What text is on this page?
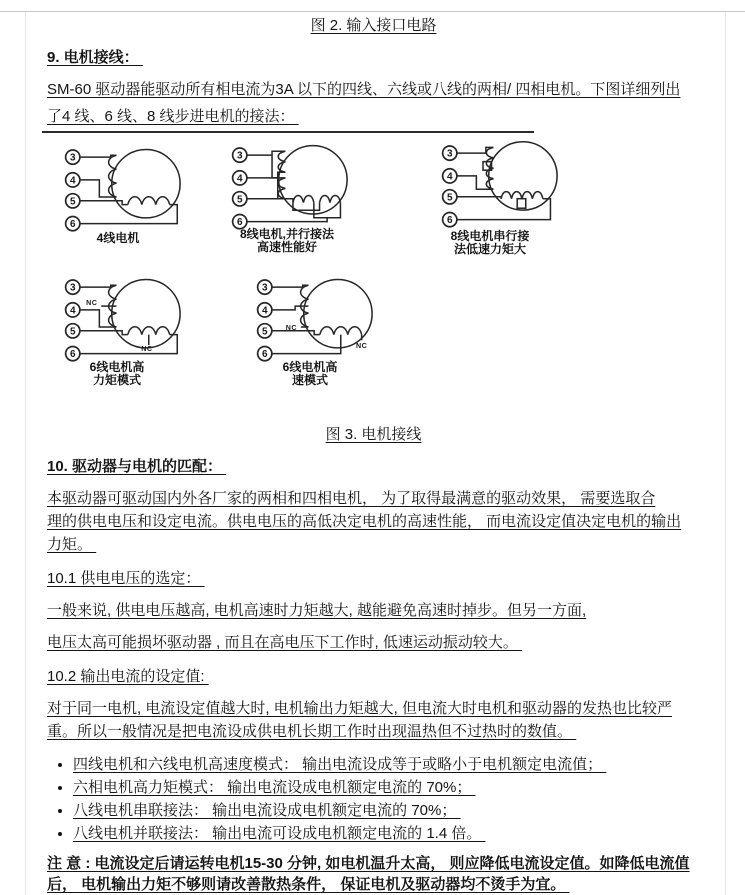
图 2. 输入接口电路
9. 电机接线：
SM-60 驱动器能驱动所有相电流为3A 以下的四线、六线或八线的两相/ 四相电机。下图详细列出
了4 线、6 线、8 线步进电机的接法：
3
4
5
6
4线电机
3
4
5
6
8线电机,并行接法
高速性能好
3
4
5
6
8线电机串行接
法低速力矩大
NC
NC
3
4
5
6
6线电机高
力矩模式
NC
NC
3
4
5
6
6线电机高
速模式
图 3. 电机接线
10. 驱动器与电机的匹配：
本驱动器可驱动国内外各厂家的两相和四相电机， 为了取得最满意的驱动效果， 需要选取合
理的供电电压和设定电流。供电电压的高低决定电机的高速性能， 而电流设定值决定电机的输出
力矩。
10.1 供电电压的选定：
一般来说, 供电电压越高, 电机高速时力矩越大, 越能避免高速时掉步。但另一方面,
电压太高可能损坏驱动器 , 而且在高电压下工作时, 低速运动振动较大。
10.2 输出电流的设定值:
对于同一电机, 电流设定值越大时, 电机输出力矩越大, 但电流大时电机和驱动器的发热也比较严
重。所以一般情况是把电流设成供电机长期工作时出现温热但不过热时的数值。
• 四线电机和六线电机高速度模式： 输出电流设成等于或略小于电机额定电流值；
• 六相电机高力矩模式： 输出电流设成电机额定电流的 70%；
• 八线电机串联接法： 输出电流设成电机额定电流的 70%；
• 八线电机并联接法： 输出电流可设成电机额定电流的 1.4 倍。
注 意 : 电流设定后请运转电机15-30 分钟, 如电机温升太高， 则应降低电流设定值。如降低电流值
后， 电机输出力矩不够则请改善散热条件， 保证电机及驱动器均不烫手为宜。
